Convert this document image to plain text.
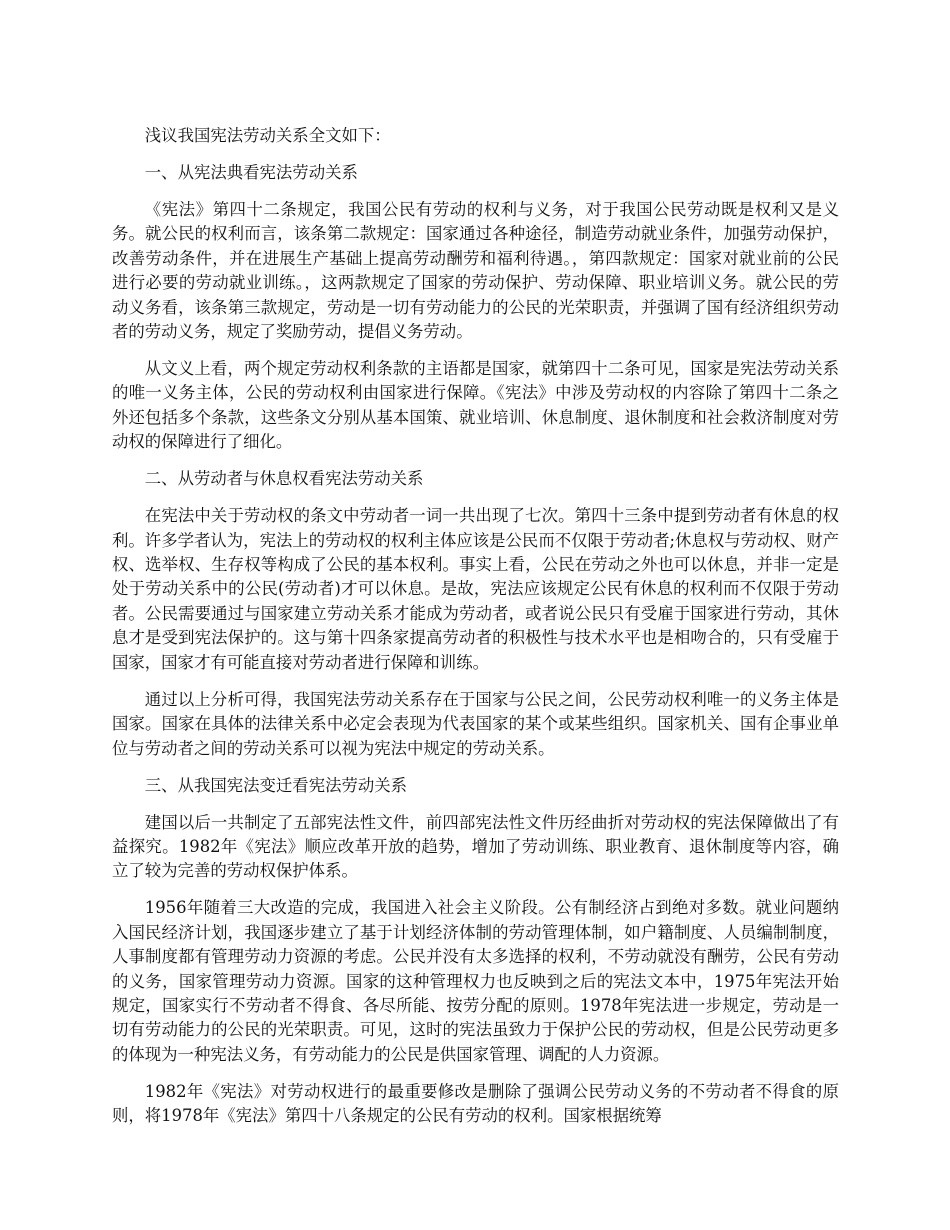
浅议我国宪法劳动关系全文如下：

一、从宪法典看宪法劳动关系

《宪法》第四十二条规定，我国公民有劳动的权利与义务，对于我国公民劳动既是权利又是义务。就公民的权利而言，该条第二款规定：国家通过各种途径，制造劳动就业条件，加强劳动保护，改善劳动条件，并在进展生产基础上提高劳动酬劳和福利待遇。，第四款规定：国家对就业前的公民进行必要的劳动就业训练。，这两款规定了国家的劳动保护、劳动保障、职业培训义务。就公民的劳动义务看，该条第三款规定，劳动是一切有劳动能力的公民的光荣职责，并强调了国有经济组织劳动者的劳动义务，规定了奖励劳动，提倡义务劳动。

从文义上看，两个规定劳动权利条款的主语都是国家，就第四十二条可见，国家是宪法劳动关系的唯一义务主体，公民的劳动权利由国家进行保障。《宪法》中涉及劳动权的内容除了第四十二条之外还包括多个条款，这些条文分别从基本国策、就业培训、休息制度、退休制度和社会救济制度对劳动权的保障进行了细化。

二、从劳动者与休息权看宪法劳动关系

在宪法中关于劳动权的条文中劳动者一词一共出现了七次。第四十三条中提到劳动者有休息的权利。许多学者认为，宪法上的劳动权的权利主体应该是公民而不仅限于劳动者;休息权与劳动权、财产权、选举权、生存权等构成了公民的基本权利。事实上看，公民在劳动之外也可以休息，并非一定是处于劳动关系中的公民(劳动者)才可以休息。是故，宪法应该规定公民有休息的权利而不仅限于劳动者。公民需要通过与国家建立劳动关系才能成为劳动者，或者说公民只有受雇于国家进行劳动，其休息才是受到宪法保护的。这与第十四条家提高劳动者的积极性与技术水平也是相吻合的，只有受雇于国家，国家才有可能直接对劳动者进行保障和训练。

通过以上分析可得，我国宪法劳动关系存在于国家与公民之间，公民劳动权利唯一的义务主体是国家。国家在具体的法律关系中必定会表现为代表国家的某个或某些组织。国家机关、国有企事业单位与劳动者之间的劳动关系可以视为宪法中规定的劳动关系。

三、从我国宪法变迁看宪法劳动关系

建国以后一共制定了五部宪法性文件，前四部宪法性文件历经曲折对劳动权的宪法保障做出了有益探究。1982年《宪法》顺应改革开放的趋势，增加了劳动训练、职业教育、退休制度等内容，确立了较为完善的劳动权保护体系。

1956年随着三大改造的完成，我国进入社会主义阶段。公有制经济占到绝对多数。就业问题纳入国民经济计划，我国逐步建立了基于计划经济体制的劳动管理体制，如户籍制度、人员编制制度，人事制度都有管理劳动力资源的考虑。公民并没有太多选择的权利，不劳动就没有酬劳，公民有劳动的义务，国家管理劳动力资源。国家的这种管理权力也反映到之后的宪法文本中，1975年宪法开始规定，国家实行不劳动者不得食、各尽所能、按劳分配的原则。1978年宪法进一步规定，劳动是一切有劳动能力的公民的光荣职责。可见，这时的宪法虽致力于保护公民的劳动权，但是公民劳动更多的体现为一种宪法义务，有劳动能力的公民是供国家管理、调配的人力资源。

1982年《宪法》对劳动权进行的最重要修改是删除了强调公民劳动义务的不劳动者不得食的原则，将1978年《宪法》第四十八条规定的公民有劳动的权利。国家根据统筹
